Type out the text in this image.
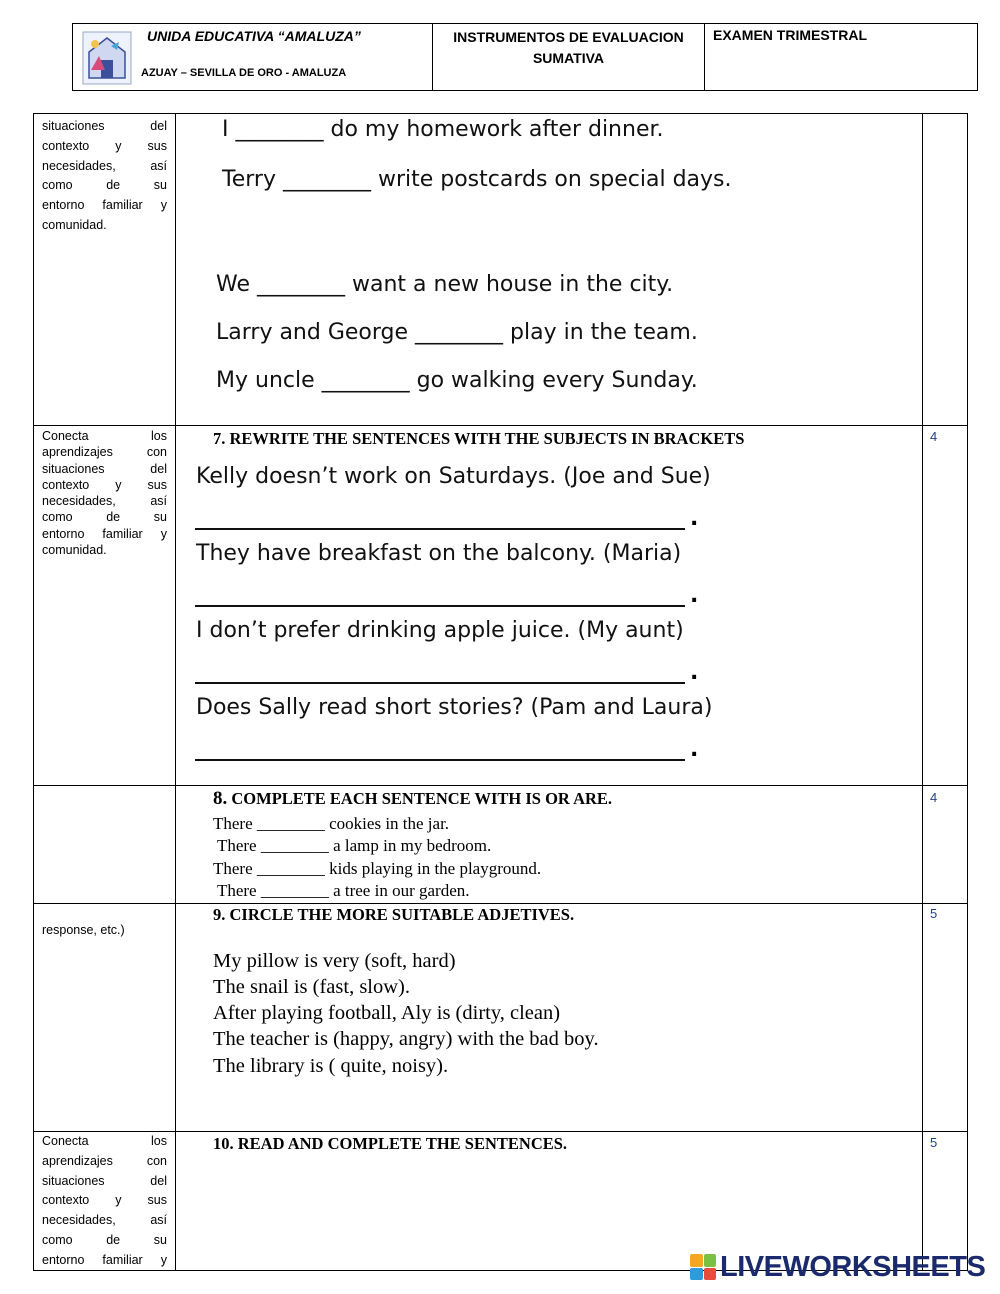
UNIDA EDUCATIVA “AMALUZA”
AZUAY – SEVILLA DE ORO - AMALUZA
INSTRUMENTOS DE EVALUACION
SUMATIVA
EXAMEN TRIMESTRAL
situaciones del
contexto y sus
necesidades, así
como de su
entorno familiar y
comunidad.
I ________ do my homework after dinner.
Terry ________ write postcards on special days.
We ________ want a new house in the city.
Larry and George ________ play in the team.
My uncle ________ go walking every Sunday.
Conecta los
aprendizajes con
situaciones del
contexto y sus
necesidades, así
como de su
entorno familiar y
comunidad.
7. REWRITE THE SENTENCES WITH THE SUBJECTS IN BRACKETS	4
Kelly doesn’t work on Saturdays. (Joe and Sue)
.
They have breakfast on the balcony. (Maria)
.
I don’t prefer drinking apple juice. (My aunt)
.
Does Sally read short stories? (Pam and Laura)
.
8. COMPLETE EACH SENTENCE WITH IS OR ARE.	4
There ________ cookies in the jar.
There ________ a lamp in my bedroom.
There ________ kids playing in the playground.
There ________ a tree in our garden.
response, etc.)
9. CIRCLE THE MORE SUITABLE ADJETIVES.	5
My pillow is very (soft, hard)
The snail is (fast, slow).
After playing football, Aly is (dirty, clean)
The teacher is (happy, angry) with the bad boy.
The library is ( quite, noisy).
Conecta los
aprendizajes con
situaciones del
contexto y sus
necesidades, así
como de su
entorno familiar y
10. READ AND COMPLETE THE SENTENCES.	5
LIVEWORKSHEETS
